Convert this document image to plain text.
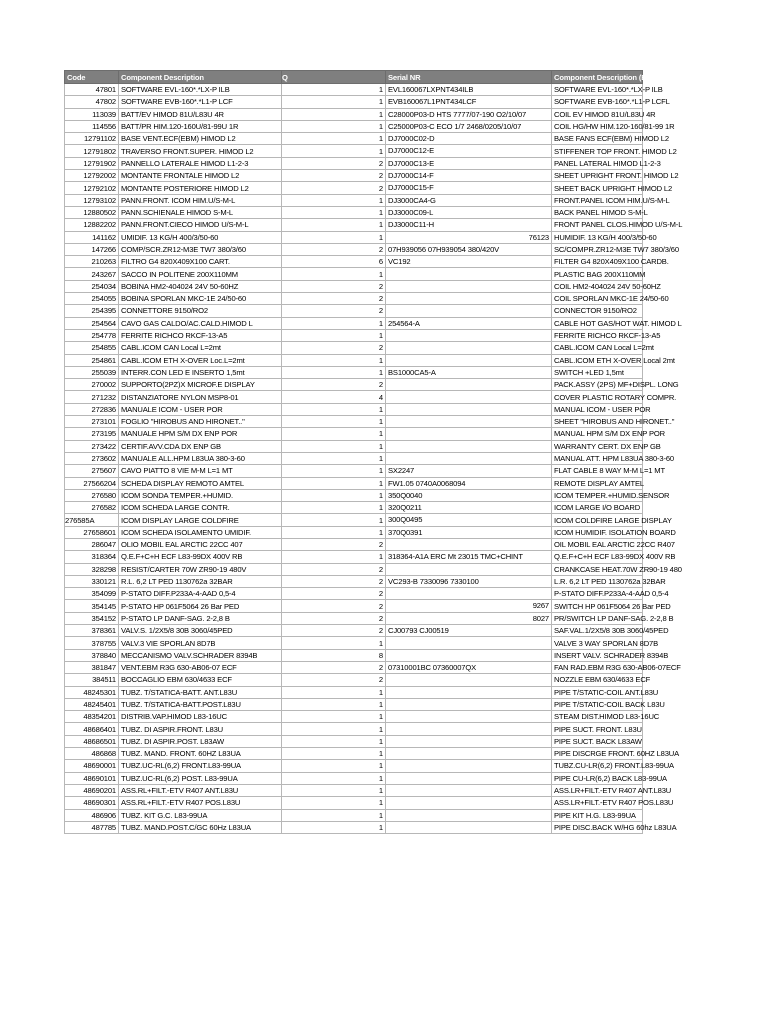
Code	Component Description	Q	Serial NR	Component Description (Eng)
47801	SOFTWARE EVL-160*.*LX-P ILB	1	EVL160067LXPNT434ILB	SOFTWARE EVL-160*.*LX-P ILB
47802	SOFTWARE EVB-160*.*L1-P LCF	1	EVB160067L1PNT434LCF	SOFTWARE EVB-160*.*L1-P LCFL
113039	BATT/EV HIMOD 81U/L83U 4R	1	C28000P03-D HTS 7777/07-190 O2/10/07	COIL EV HIMOD 81U/L83U 4R
114556	BATT/PR HIM.120-160U/81-99U 1R	1	C25000P03-C ECO 1/7 2468/0205/10/07	COIL HG/HW HIM.120-160/81-99 1R
12791102	BASE VENT.ECF(EBM) HIMOD L2	1	DJ7000C02-D	BASE FANS ECF(EBM) HIMOD L2
12791802	TRAVERSO FRONT.SUPER. HIMOD L2	1	DJ7000C12-E	STIFFENER TOP FRONT. HIMOD L2
12791902	PANNELLO LATERALE HIMOD L1-2-3	2	DJ7000C13-E	PANEL LATERAL HIMOD L1-2-3
12792002	MONTANTE FRONTALE HIMOD L2	2	DJ7000C14-F	SHEET UPRIGHT FRONT. HIMOD L2
12792102	MONTANTE POSTERIORE HIMOD L2	2	DJ7000C15-F	SHEET BACK UPRIGHT HIMOD L2
12793102	PANN.FRONT. ICOM HIM.U/S-M-L	1	DJ3000CA4-G	FRONT.PANEL ICOM HIM.U/S-M-L
12880502	PANN.SCHIENALE HIMOD S-M-L	1	DJ3000C09-L	BACK PANEL HIMOD S-M-L
12882202	PANN.FRONT.CIECO HIMOD U/S-M-L	1	DJ3000C11-H	FRONT PANEL CLOS.HIMOD U/S-M-L
141162	UMIDIF. 13 KG/H 400/3/50-60	1	76123	HUMIDIF. 13 KG/H 400/3/50-60
147266	COMP/SCR.ZR12-M3E TW7 380/3/60	2	07H939056 07H939054 380/420V	SC/COMPR.ZR12-M3E TW7 380/3/60
210263	FILTRO G4 820X409X100 CART.	6	VC192	FILTER G4 820X409X100 CARDB.
243267	SACCO IN POLITENE 200X110MM	1		PLASTIC BAG 200X110MM
254034	BOBINA HM2-404024 24V 50-60HZ	2		COIL HM2-404024 24V 50-60HZ
254055	BOBINA SPORLAN MKC-1E 24/50-60	2		COIL SPORLAN MKC-1E 24/50-60
254395	CONNETTORE 9150/RO2	2		CONNECTOR 9150/RO2
254564	CAVO GAS CALDO/AC.CALD.HIMOD L	1	254564-A	CABLE HOT GAS/HOT WAT. HIMOD L
254778	FERRITE RICHCO RKCF-13-A5	1		FERRITE RICHCO RKCF-13-A5
254855	CABL.ICOM CAN Local L=2mt	2		CABL.ICOM CAN Local L=2mt
254861	CABL.ICOM ETH X-OVER Loc.L=2mt	1		CABL.ICOM ETH X-OVER Local 2mt
255039	INTERR.CON LED E INSERTO 1,5mt	1	BS1000CA5-A	SWITCH +LED 1,5mt
270002	SUPPORTO(2PZ)X MICROF.E DISPLAY	2		PACK.ASSY (2PS) MF+DISPL. LONG
271232	DISTANZIATORE NYLON MSP8-01	4		COVER PLASTIC ROTARY COMPR.
272836	MANUALE ICOM - USER POR	1		MANUAL ICOM - USER POR
273101	FOGLIO "HIROBUS AND HIRONET.."	1		SHEET "HIROBUS AND HIRONET.."
273195	MANUALE HPM S/M DX ENP POR	1		MANUAL HPM S/M DX ENP POR
273422	CERTIF.AVV.CDA DX ENP GB	1		WARRANTY CERT. DX ENP GB
273602	MANUALE ALL.HPM L83UA 380-3-60	1		MANUAL ATT. HPM L83UA 380-3-60
275607	CAVO PIATTO 8 VIE M-M L=1 MT	1	SX2247	FLAT CABLE 8 WAY M-M L=1 MT
27566204	SCHEDA DISPLAY REMOTO AMTEL	1	FW1.05 0740A0068094	REMOTE DISPLAY AMTEL
276580	ICOM SONDA TEMPER.+HUMID.	1	350Q0040	ICOM TEMPER.+HUMID.SENSOR
276582	ICOM SCHEDA LARGE CONTR.	1	320Q0211	ICOM LARGE I/O BOARD
276585A	ICOM DISPLAY LARGE COLDFIRE	1	300Q0495	ICOM COLDFIRE LARGE DISPLAY
27658601	ICOM SCHEDA ISOLAMENTO UMIDIF.	1	370Q0391	ICOM HUMIDIF. ISOLATION BOARD
286047	OLIO MOBIL EAL ARCTIC 22CC 407	2		OIL MOBIL EAL ARCTIC 22CC R407
318364	Q.E.F+C+H ECF L83-99DX 400V RB	1	318364-A1A ERC Mt 23015 TMC+CHINT	Q.E.F+C+H ECF L83-99DX 400V RB
328298	RESIST/CARTER 70W ZR90-19 480V	2		CRANKCASE HEAT.70W ZR90-19 480
330121	R.L. 6,2 LT PED 1130762a 32BAR	2	VC293-B 7330096 7330100	L.R. 6,2 LT PED 1130762a 32BAR
354099	P-STATO DIFF.P233A-4-AAD 0,5-4	2		P-STATO DIFF.P233A-4-AAD 0,5-4
354145	P-STATO HP 061F5064 26 Bar PED	2	9267	SWITCH HP 061F5064 26 Bar PED
354152	P-STATO LP DANF-SAG. 2-2,8 B	2	8027	PR/SWITCH LP DANF-SAG. 2-2,8 B
378361	VALV.S. 1/2X5/8 30B 3060/45PED	2	CJ00793 CJ00519	SAF.VAL.1/2X5/8 30B 3060/45PED
378755	VALV.3 VIE SPORLAN 8D7B	1		VALVE 3 WAY SPORLAN 8D7B
378840	MECCANISMO VALV.SCHRADER 8394B	8		INSERT VALV. SCHRADER 8394B
381847	VENT.EBM R3G 630-AB06-07 ECF	2	07310001BC 07360007QX	FAN RAD.EBM R3G 630-AB06-07ECF
384511	BOCCAGLIO EBM 630/4633 ECF	2		NOZZLE EBM 630/4633 ECF
48245301	TUBZ. T/STATICA-BATT. ANT.L83U	1		PIPE T/STATIC-COIL ANT.L83U
48245401	TUBZ. T/STATICA-BATT.POST.L83U	1		PIPE T/STATIC-COIL BACK L83U
48354201	DISTRIB.VAP.HIMOD L83-16UC	1		STEAM DIST.HIMOD L83-16UC
48686401	TUBZ. DI ASPIR.FRONT. L83U	1		PIPE SUCT. FRONT. L83U
48686501	TUBZ. DI ASPIR.POST. L83AW	1		PIPE SUCT. BACK L83AW
486868	TUBZ. MAND. FRONT. 60HZ L83UA	1		PIPE DISCRGE FRONT. 60HZ L83UA
48690001	TUBZ.UC-RL(6,2) FRONT.L83-99UA	1		TUBZ.CU-LR(6,2) FRONT.L83-99UA
48690101	TUBZ.UC-RL(6,2) POST. L83-99UA	1		PIPE CU-LR(6,2) BACK L83-99UA
48690201	ASS.RL+FILT.-ETV R407 ANT.L83U	1		ASS.LR+FILT.-ETV R407 ANT.L83U
48690301	ASS.RL+FILT.-ETV R407 POS.L83U	1		ASS.LR+FILT.-ETV R407 POS.L83U
486906	TUBZ. KIT G.C. L83-99UA	1		PIPE KIT H.G. L83-99UA
487785	TUBZ. MAND.POST.C/GC 60Hz L83UA	1		PIPE DISC.BACK W/HG 60hz L83UA
